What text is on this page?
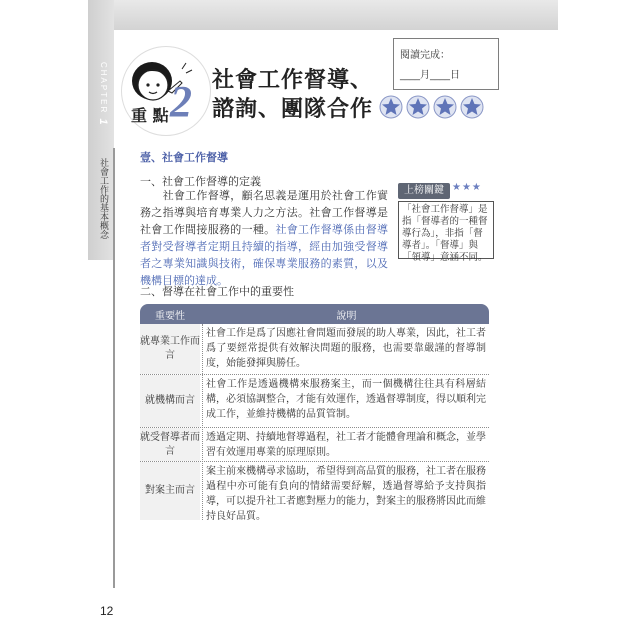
CHAPTER 1
社會工作的基本概念
重 點 2 社會工作督導、
諮詢、團隊合作
閱讀完成：
____月____日
壹、社會工作督導
一、社會工作督導的定義
　　社會工作督導，顧名思義是運用於社會工作實務之指導與培育專業人力之方法。社會工作督導是社會工作間接服務的一種。社會工作督導係由督導者對受督導者定期且持續的指導，經由加強受督導者之專業知識與技術，確保專業服務的素質，以及機構目標的達成。
上榜關鍵 ★★★
「社會工作督導」是指「督導者的一種督導行為」，非指「督導者」。「督導」與「領導」意涵不同。
二、督導在社會工作中的重要性
重要性	說明
就專業工作而言
社會工作是爲了因應社會問題而發展的助人專業，因此，社工者爲了要經常提供有效解決問題的服務，也需要靠嚴謹的督導制度，始能發揮與勝任。
就機構而言
社會工作是透過機構來服務案主，而一個機構往往具有科層結構，必須協調整合，才能有效運作，透過督導制度，得以順利完成工作，並維持機構的品質管制。
就受督導者而言
透過定期、持續地督導過程，社工者才能體會理論和概念，並學習有效運用專業的原理原則。
對案主而言
案主前來機構尋求協助，希望得到高品質的服務，社工者在服務過程中亦可能有負向的情緒需要紓解，透過督導給予支持與指導，可以提升社工者應對壓力的能力，對案主的服務將因此而維持良好品質。
12
